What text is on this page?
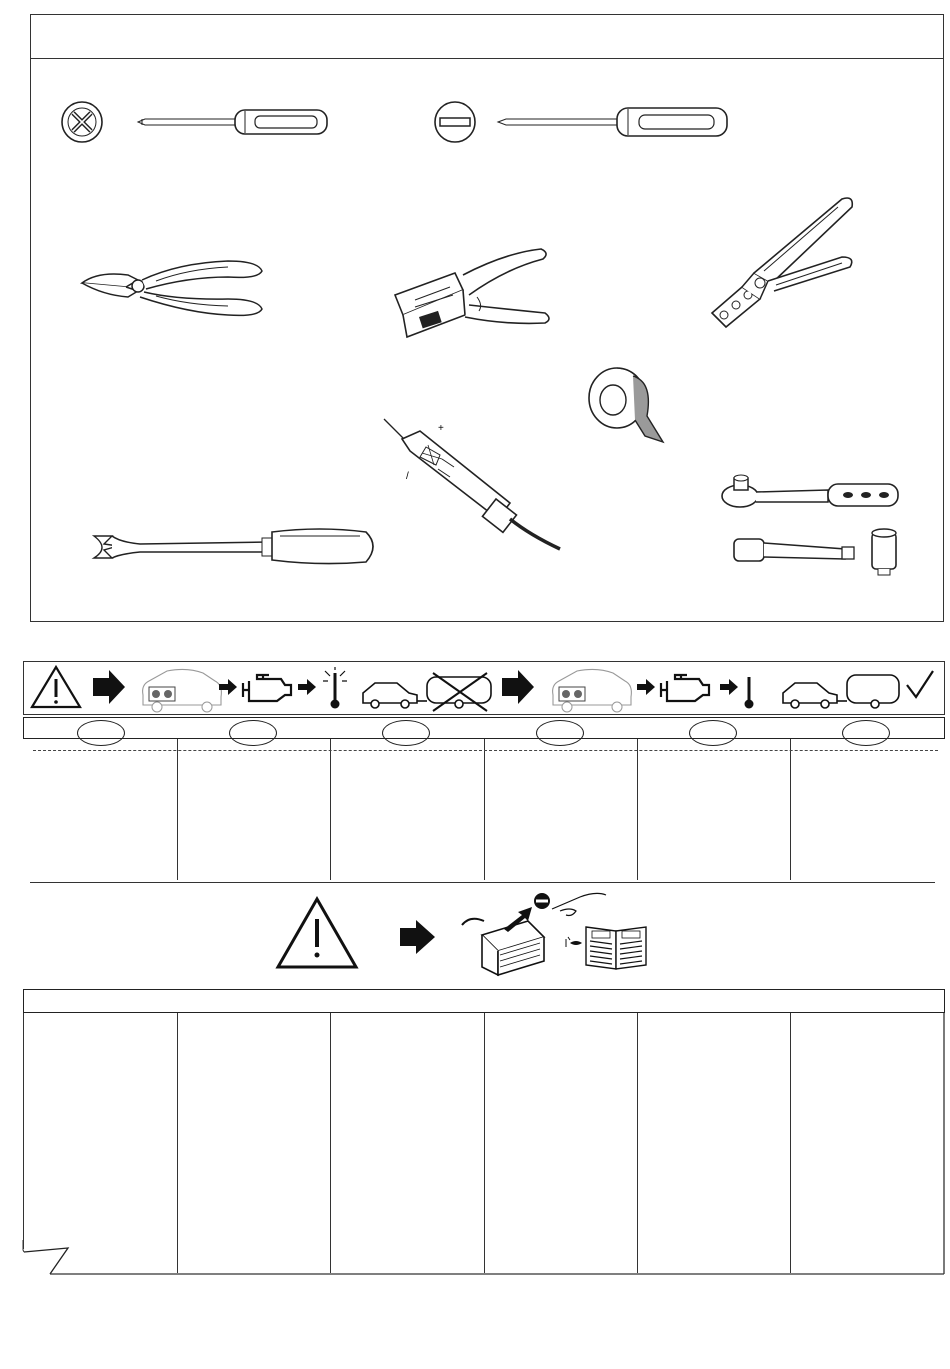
+
/
